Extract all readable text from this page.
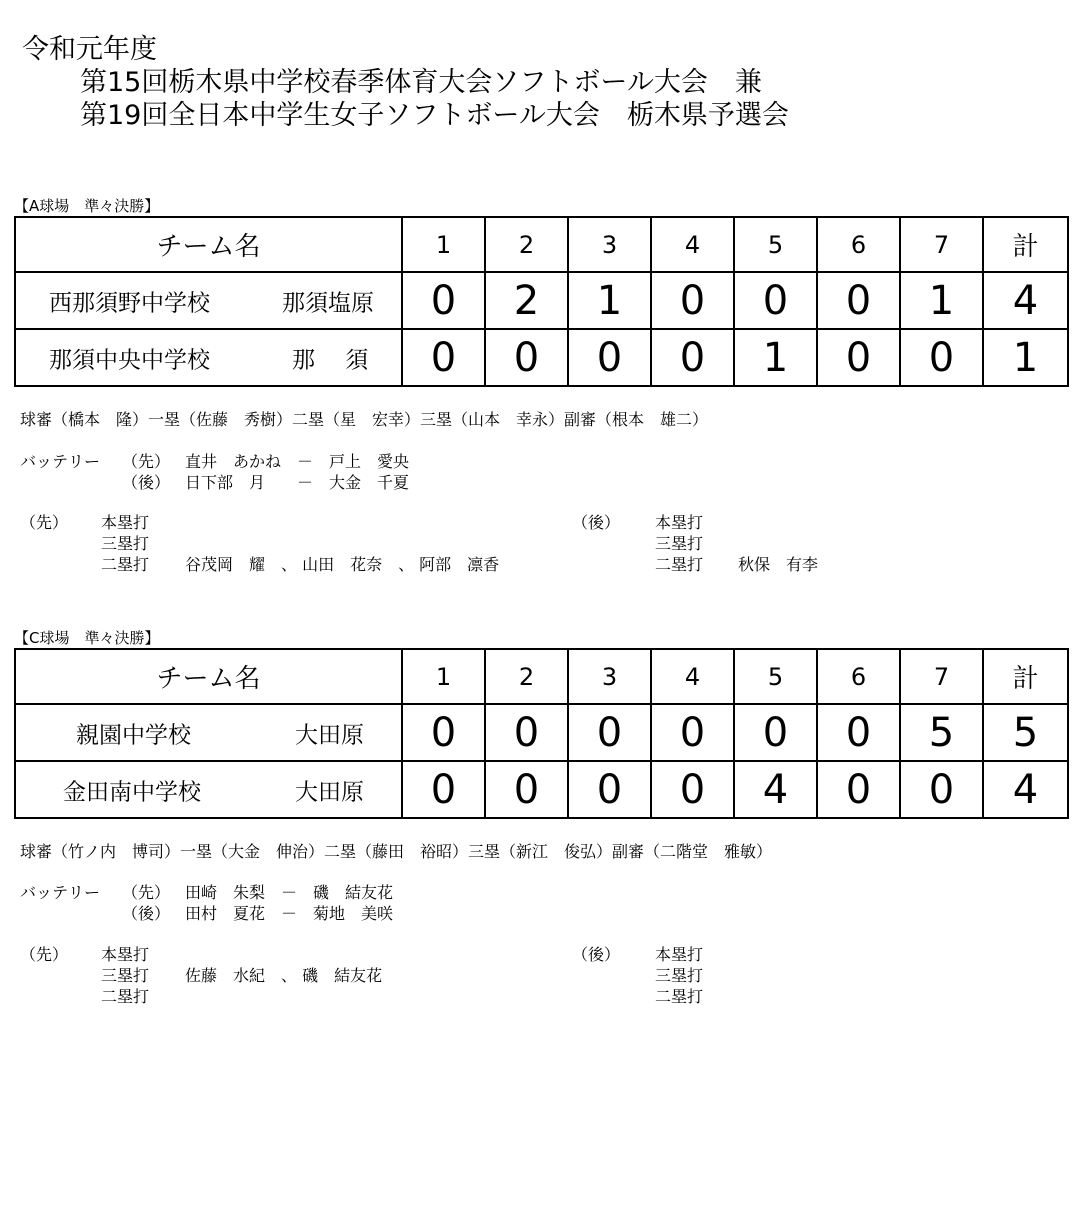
令和元年度
第15回栃木県中学校春季体育大会ソフトボール大会　兼
第19回全日本中学生女子ソフトボール大会　栃木県予選会
【A球場　準々決勝】
チーム名	1	2	3	4	5	6	7	計

西那須野中学校 那須塩原	0	2	1	0	0	0	1	4

那須中央中学校 那　 須	0	0	0	0	1	0	0	1
球審（橋本　隆）一塁（佐藤　秀樹）二塁（星　宏幸）三塁（山本　幸永）副審（根本　雄二）
バッテリー （先） 直井　あかね　－　戸上　愛央
（後） 日下部　月　　－　大金　千夏
（先） 本塁打
三塁打
二塁打 谷茂岡　耀　、 山田　花奈　、 阿部　凛香
（後） 本塁打
三塁打
二塁打 秋保　有李
【C球場　準々決勝】
チーム名	1	2	3	4	5	6	7	計

親園中学校 大田原	0	0	0	0	0	0	5	5

金田南中学校 大田原	0	0	0	0	4	0	0	4
球審（竹ノ内　博司）一塁（大金　伸治）二塁（藤田　裕昭）三塁（新江　俊弘）副審（二階堂　雅敏）
バッテリー （先） 田崎　朱梨　－　磯　結友花
（後） 田村　夏花　－　菊地　美咲
（先） 本塁打
三塁打 佐藤　水紀　、 磯　結友花
二塁打
（後） 本塁打
三塁打
二塁打
